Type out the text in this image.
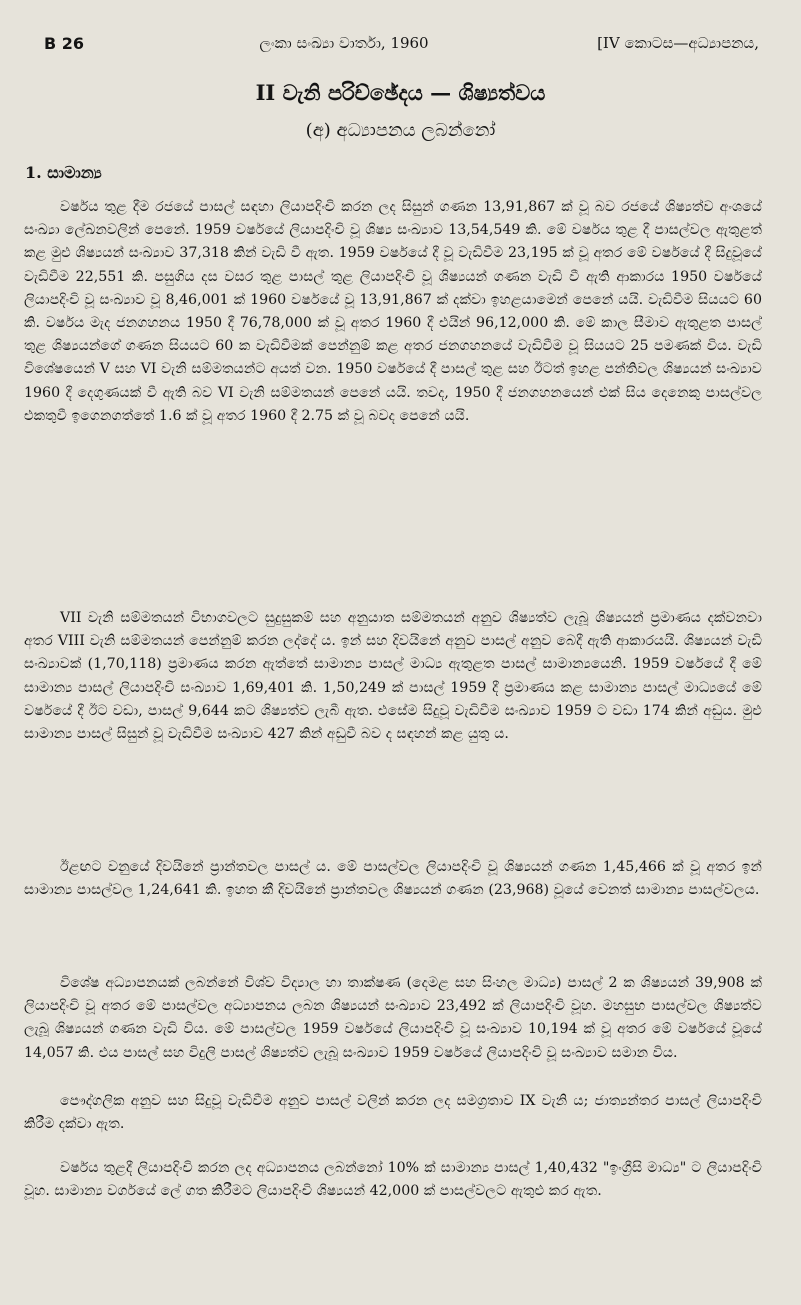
B 26	ලංකා සංඛ්‍යා වාර්තා, 1960	[IV කොටස—අධ්‍යාපනය,
II වැනි පරිච්ඡේදය — ශිෂ්‍යත්වය
(අ) අධ්‍යාපනය ලබන්නෝ
1. සාමාන්‍ය

වර්ෂය තුළ දීම රජයේ පාසල් සඳහා ලියාපදිංචි කරන ලද සිසුන් ගණන 13,91,867 ක් වූ බව රජයේ ශිෂ්‍යත්ව අංශයේ සංඛ්‍යා ලේඛනවලින් පෙනේ. 1959 වර්ෂයේ ලියාපදිංචි වූ ශිෂ්‍ය සංඛ්‍යාව 13,54,549 කි. මේ වර්ෂය තුළ දී පාසල්වල ඇතුළත් කළ මුළු ශිෂ්‍යයන් සංඛ්‍යාව 37,318 කින් වැඩි වී ඇත. 1959 වර්ෂයේ දී වූ වැඩිවීම 23,195 ක් වූ අතර මේ වර්ෂයේ දී සිදුවූයේ වැඩිවීම 22,551 කි. පසුගිය දස වසර තුළ පාසල් තුළ ලියාපදිංචි වූ ශිෂ්‍යයන් ගණන වැඩි වී ඇති ආකාරය 1950 වර්ෂයේ ලියාපදිංචි වූ සංඛ්‍යාව වූ 8,46,001 ක් 1960 වර්ෂයේ වූ 13,91,867 ක් දක්වා ඉහළයාමෙන් පෙනේ යයි. වැඩිවීම සියයට 60 කි. වර්ෂය මැද ජනගහනය 1950 දී 76,78,000 ක් වූ අතර 1960 දී එයින් 96,12,000 කි. මේ කාල සීමාව ඇතුළත පාසල් තුළ ශිෂ්‍යයන්ගේ ගණන සියයට 60 ක වැඩිවීමක් පෙන්නුම් කළ අතර ජනගහනයේ වැඩිවීම වූ සියයට 25 පමණක් විය. වැඩි විශේෂයෙන් V සහ VI වැනි සම්මතයන්ට අයත් වන. 1950 වර්ෂයේ දී පාසල් තුළ සහ ඊටත් ඉහළ පන්තිවල ශිෂ්‍යයන් සංඛ්‍යාව 1960 දී දෙගුණයක් වී ඇති බව VI වැනි සම්මතයන් පෙනේ යයි. තවද, 1950 දී ජනගහනයෙන් එක් සිය දෙනෙකු පාසල්වල එකතුවී ඉගෙනගත්තේ 1.6 ක් වූ අතර 1960 දී 2.75 ක් වූ බවද පෙනේ යයි.

VII වැනි සම්මතයන් විභාගවලට සුදුසුකම් සහ අනුයාත සම්මතයන් අනුව ශිෂ්‍යත්ව ලැබූ ශිෂ්‍යයන් ප්‍රමාණය දක්වනවා අතර VIII වැනි සම්මතයන් පෙන්නුම් කරන ලද්දේ ය. ඉන් සහ දිවයිනේ අනුව පාසල් අනුව බෙදී ඇති ආකාරයයි. ශිෂ්‍යයන් වැඩි සංඛ්‍යාවක් (1,70,118) ප්‍රමාණය කරන ඇත්තේ සාමාන්‍ය පාසල් මාධ්‍ය ඇතුළත පාසල් සාමාන්‍යයෙනි. 1959 වර්ෂයේ දී මේ සාමාන්‍ය පාසල් ලියාපදිංචි සංඛ්‍යාව 1,69,401 කි. 1,50,249 ක් පාසල් 1959 දී ප්‍රමාණය කළ සාමාන්‍ය පාසල් මාධ්‍යයේ මේ වර්ෂයේ දී ඊට වඩා, පාසල් 9,644 කට ශිෂ්‍යත්ව ලැබී ඇත. එසේම සිදුවූ වැඩිවීම සංඛ්‍යාව 1959 ට වඩා 174 කින් අඩුය. මුළු සාමාන්‍ය පාසල් සිසුන් වූ වැඩිවීම සංඛ්‍යාව 427 කින් අඩුවී බව ද සඳහන් කළ යුතු ය.

ඊළඟට වනුයේ දිවයිනේ ප්‍රාන්තවල පාසල් ය. මේ පාසල්වල ලියාපදිංචි වූ ශිෂ්‍යයන් ගණන 1,45,466 ක් වූ අතර ඉන් සාමාන්‍ය පාසල්වල 1,24,641 කි. ඉහත කී දිවයිනේ ප්‍රාන්තවල ශිෂ්‍යයන් ගණන (23,968) වූයේ වෙනත් සාමාන්‍ය පාසල්වලය.

විශේෂ අධ්‍යාපනයක් ලබන්නේ විශ්ව විද්‍යාල හා තාක්ෂණ (දෙමළ සහ සිංහල මාධ්‍ය) පාසල් 2 ක ශිෂ්‍යයන් 39,908 ක් ලියාපදිංචි වූ අතර මේ පාසල්වල අධ්‍යාපනය ලබන ශිෂ්‍යයන් සංඛ්‍යාව 23,492 ක් ලියාපදිංචි වූහ. මහසුභ පාසල්වල ශිෂ්‍යත්ව ලැබූ ශිෂ්‍යයන් ගණන වැඩි විය. මේ පාසල්වල 1959 වර්ෂයේ ලියාපදිංචි වූ සංඛ්‍යාව 10,194 ක් වූ අතර මේ වර්ෂයේ වූයේ 14,057 කි. එය පාසල් සහ විදුලි පාසල් ශිෂ්‍යත්ව ලැබූ සංඛ්‍යාව 1959 වර්ෂයේ ලියාපදිංචි වූ සංඛ්‍යාව සමාන විය.

පෞද්ගලික අනුව සහ සිදුවූ වැඩිවීම අනුව පාසල් වලින් කරන ලද සමග්‍රතාව IX වැනි ය; ජාත්‍යන්තර පාසල් ලියාපදිංචි කිරීම දක්වා ඇත.

වර්ෂය තුළදී ලියාපදිංචි කරන ලද අධ්‍යාපනය ලබන්නෝ 10% ක් සාමාන්‍ය පාසල් 1,40,432 "ඉංග්‍රීසි මාධ්‍ය" ට ලියාපදිංචි වූහ. සාමාන්‍ය වර්ගයේ ලේ ගත කිරීමට ලියාපදිංචි ශිෂ්‍යයන් 42,000 ක් පාසල්වලට ඇතුළු කර ඇත.
